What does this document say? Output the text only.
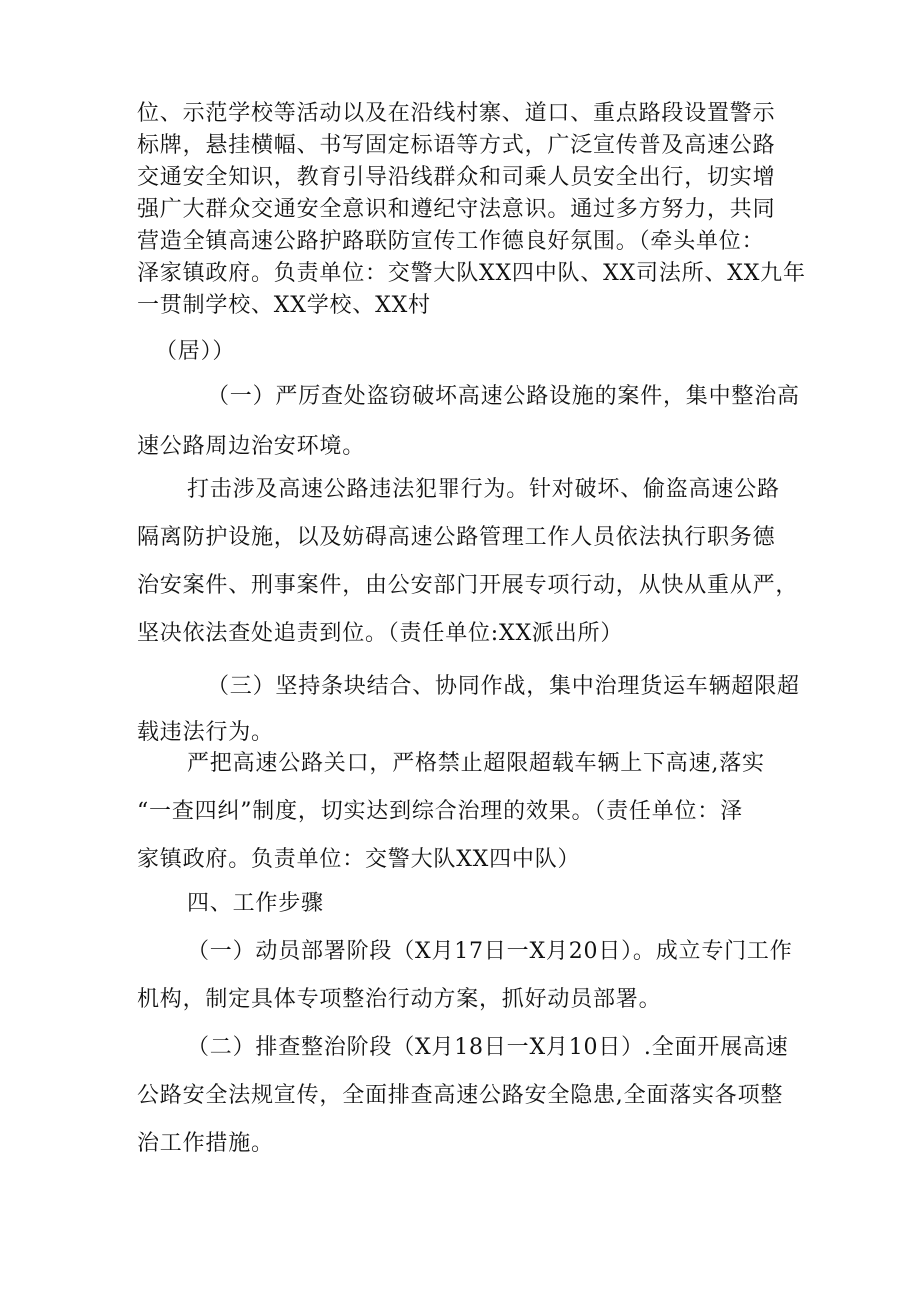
位、示范学校等活动以及在沿线村寨、道口、重点路段设置警示

标牌，悬挂横幅、书写固定标语等方式，广泛宣传普及高速公路

交通安全知识，教育引导沿线群众和司乘人员安全出行，切实增

强广大群众交通安全意识和遵纪守法意识。通过多方努力，共同

营造全镇高速公路护路联防宣传工作德良好氛围。（牵头单位：

泽家镇政府。负责单位：交警大队XX四中队、XX司法所、XX九年

一贯制学校、XX学校、XX村

（居））

（一）严厉查处盗窃破坏高速公路设施的案件，集中整治高

速公路周边治安环境。

打击涉及高速公路违法犯罪行为。针对破坏、偷盗高速公路

隔离防护设施，以及妨碍高速公路管理工作人员依法执行职务德

治安案件、刑事案件，由公安部门开展专项行动，从快从重从严，

坚决依法查处追责到位。（责任单位:XX派出所）

（三）坚持条块结合、协同作战，集中治理货运车辆超限超

载违法行为。

严把高速公路关口，严格禁止超限超载车辆上下高速,落实

“一查四纠”制度，切实达到综合治理的效果。（责任单位：泽

家镇政府。负责单位：交警大队XX四中队）

四、工作步骤

（一）动员部署阶段（X月17日一X月20日）。成立专门工作

机构，制定具体专项整治行动方案，抓好动员部署。

（二）排查整治阶段（X月18日一X月10日）.全面开展高速

公路安全法规宣传，全面排查高速公路安全隐患,全面落实各项整

治工作措施。
